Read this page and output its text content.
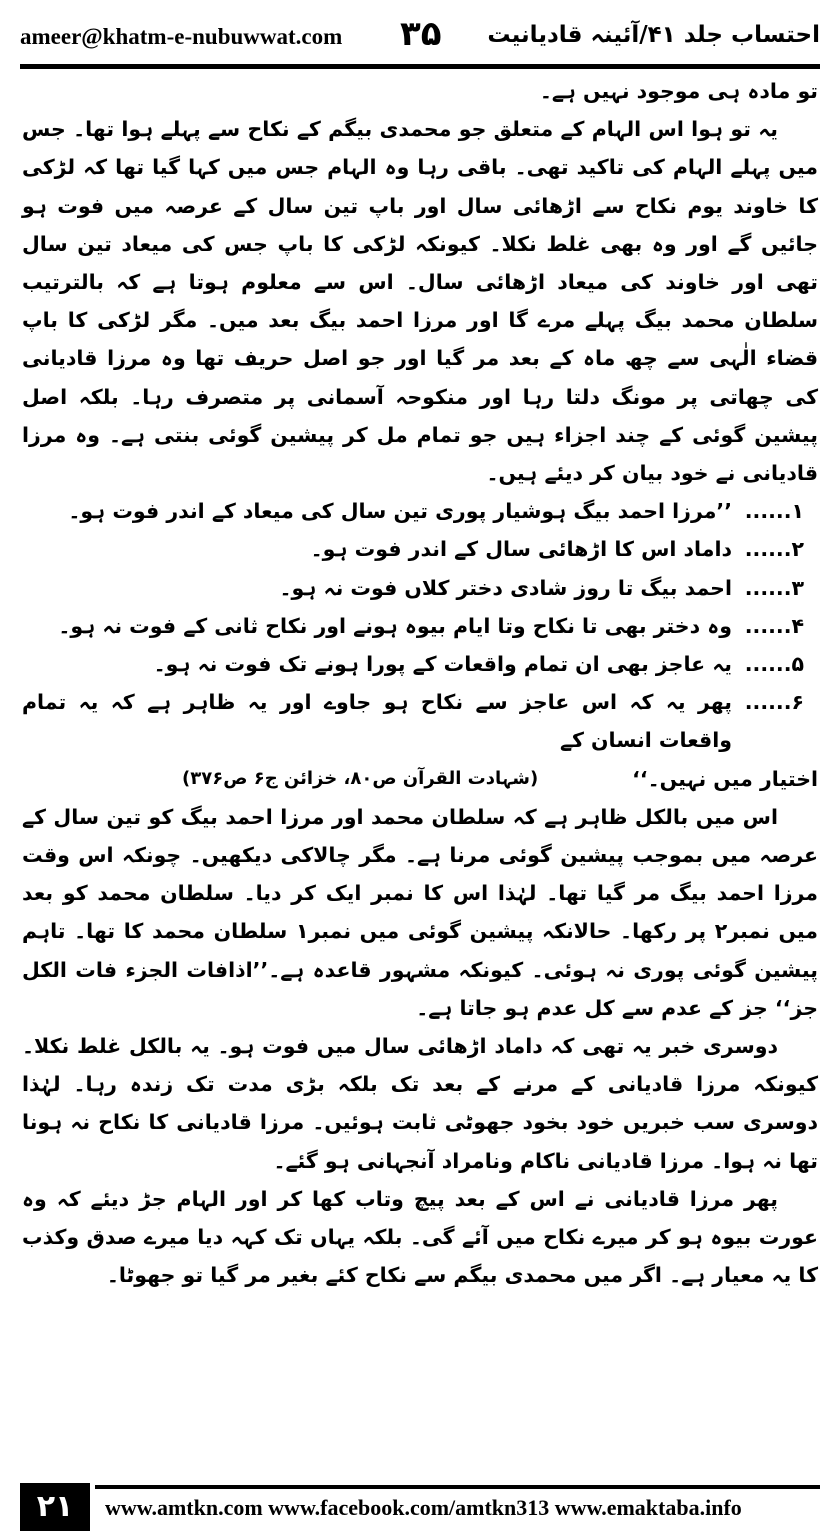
ameer@khatm-e-nubuwwat.com ۳۵ احتساب جلد ۴۱/آئینہ قادیانیت

تو مادہ ہی موجود نہیں ہے۔

یہ تو ہوا اس الہام کے متعلق جو محمدی بیگم کے نکاح سے پہلے ہوا تھا۔ جس میں پہلے الہام کی تاکید تھی۔ باقی رہا وہ الہام جس میں کہا گیا تھا کہ لڑکی کا خاوند یوم نکاح سے اڑھائی سال اور باپ تین سال کے عرصہ میں فوت ہو جائیں گے اور وہ بھی غلط نکلا۔ کیونکہ لڑکی کا باپ جس کی میعاد تین سال تھی اور خاوند کی میعاد اڑھائی سال۔ اس سے معلوم ہوتا ہے کہ بالترتیب سلطان محمد بیگ پہلے مرے گا اور مرزا احمد بیگ بعد میں۔ مگر لڑکی کا باپ قضاء الٰہی سے چھ ماہ کے بعد مر گیا اور جو اصل حریف تھا وہ مرزا قادیانی کی چھاتی پر مونگ دلتا رہا اور منکوحہ آسمانی پر متصرف رہا۔ بلکہ اصل پیشین گوئی کے چند اجزاء ہیں جو تمام مل کر پیشین گوئی بنتی ہے۔ وہ مرزا قادیانی نے خود بیان کر دیئے ہیں۔

۱......
’’مرزا احمد بیگ ہوشیار پوری تین سال کی میعاد کے اندر فوت ہو۔
۲......
داماد اس کا اڑھائی سال کے اندر فوت ہو۔
۳......
احمد بیگ تا روز شادی دختر کلاں فوت نہ ہو۔
۴......
وہ دختر بھی تا نکاح وتا ایام بیوہ ہونے اور نکاح ثانی کے فوت نہ ہو۔
۵......
یہ عاجز بھی ان تمام واقعات کے پورا ہونے تک فوت نہ ہو۔
۶......
پھر یہ کہ اس عاجز سے نکاح ہو جاوے اور یہ ظاہر ہے کہ یہ تمام واقعات انسان کے
اختیار میں نہیں۔‘‘
(شہادت القرآن ص۸۰، خزائن ج۶ ص۳۷۶)

اس میں بالکل ظاہر ہے کہ سلطان محمد اور مرزا احمد بیگ کو تین سال کے عرصہ میں بموجب پیشین گوئی مرنا ہے۔ مگر چالاکی دیکھیں۔ چونکہ اس وقت مرزا احمد بیگ مر گیا تھا۔ لہٰذا اس کا نمبر ایک کر دیا۔ سلطان محمد کو بعد میں نمبر۲ پر رکھا۔ حالانکہ پیشین گوئی میں نمبر۱ سلطان محمد کا تھا۔ تاہم پیشین گوئی پوری نہ ہوئی۔ کیونکہ مشہور قاعدہ ہے۔’’اذافات الجزء فات الکل جز‘‘ جز کے عدم سے کل عدم ہو جاتا ہے۔

دوسری خبر یہ تھی کہ داماد اڑھائی سال میں فوت ہو۔ یہ بالکل غلط نکلا۔ کیونکہ مرزا قادیانی کے مرنے کے بعد تک بلکہ بڑی مدت تک زندہ رہا۔ لہٰذا دوسری سب خبریں خود بخود جھوٹی ثابت ہوئیں۔ مرزا قادیانی کا نکاح نہ ہونا تھا نہ ہوا۔ مرزا قادیانی ناکام ونامراد آنجہانی ہو گئے۔

پھر مرزا قادیانی نے اس کے بعد پیچ وتاب کھا کر اور الہام جڑ دیئے کہ وہ عورت بیوہ ہو کر میرے نکاح میں آئے گی۔ بلکہ یہاں تک کہہ دیا میرے صدق وکذب کا یہ معیار ہے۔ اگر میں محمدی بیگم سے نکاح کئے بغیر مر گیا تو جھوٹا۔

۲۱	www.amtkn.com www.facebook.com/amtkn313 www.emaktaba.info
